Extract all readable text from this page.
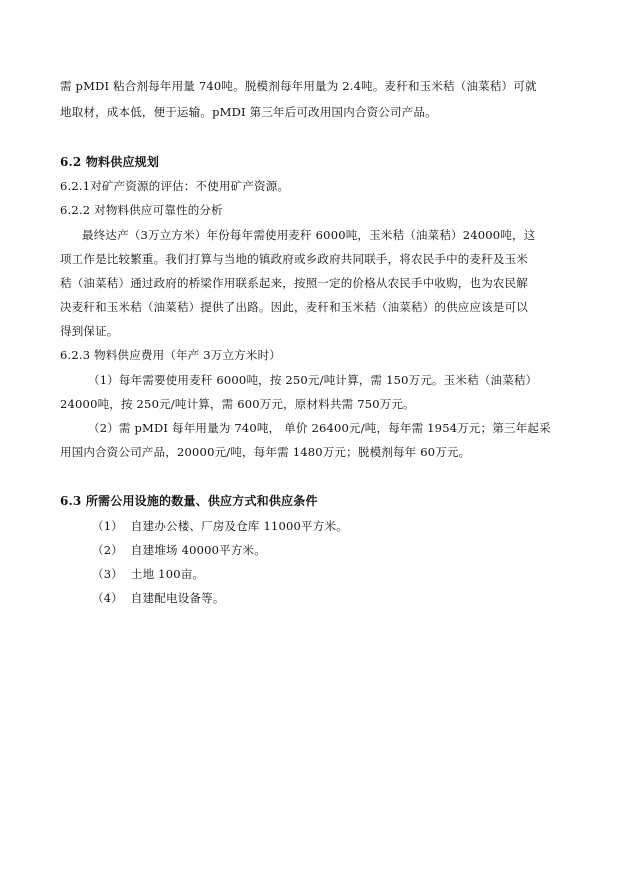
需 pMDI 粘合剂每年用量 740吨。脱模剂每年用量为 2.4吨。麦秆和玉米秸（油菜秸）可就
地取材，成本低，便于运输。pMDI 第三年后可改用国内合资公司产品。
6.2 物料供应规划
6.2.1对矿产资源的评估：不使用矿产资源。
6.2.2 对物料供应可靠性的分析
最终达产（3万立方米）年份每年需使用麦秆 6000吨，玉米秸（油菜秸）24000吨，这
项工作是比较繁重。我们打算与当地的镇政府或乡政府共同联手，将农民手中的麦秆及玉米
秸（油菜秸）通过政府的桥梁作用联系起来，按照一定的价格从农民手中收购，也为农民解
决麦秆和玉米秸（油菜秸）提供了出路。因此，麦秆和玉米秸（油菜秸）的供应应该是可以
得到保证。
6.2.3 物料供应费用（年产 3万立方米时）
（1）每年需要使用麦秆 6000吨，按 250元/吨计算，需 150万元。玉米秸（油菜秸）
24000吨，按 250元/吨计算，需 600万元，原材料共需 750万元。
（2）需 pMDI 每年用量为 740吨， 单价 26400元/吨，每年需 1954万元；第三年起采
用国内合资公司产品，20000元/吨，每年需 1480万元；脱模剂每年 60万元。
6.3 所需公用设施的数量、供应方式和供应条件
（1） 自建办公楼、厂房及仓库 11000平方米。
（2） 自建堆场 40000平方米。
（3） 土地 100亩。
（4） 自建配电设备等。
